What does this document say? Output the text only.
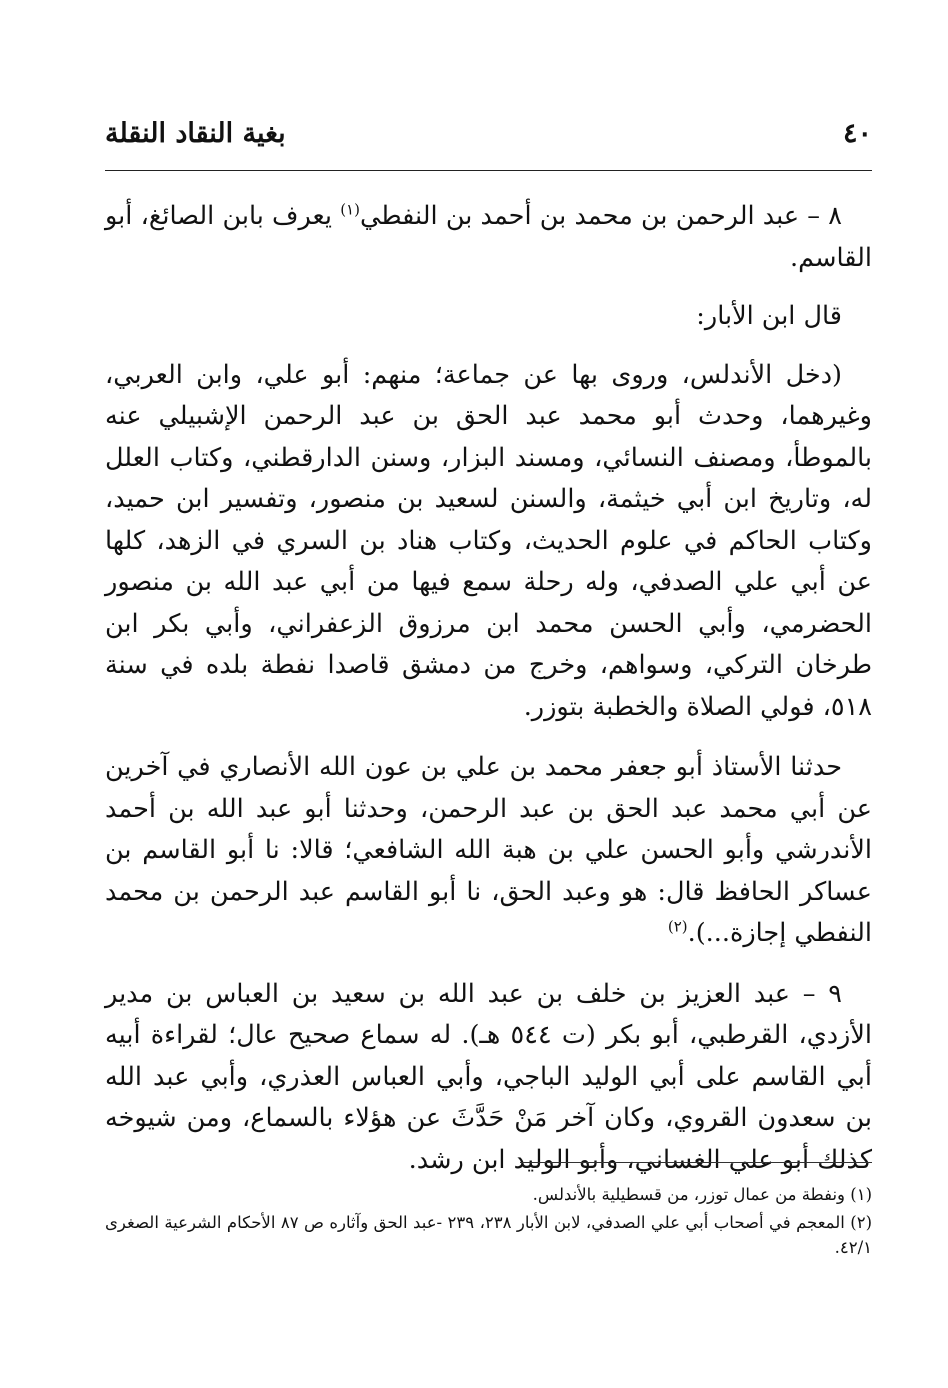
٤٠
بغية النقاد النقلة

٨ – عبد الرحمن بن محمد بن أحمد بن النفطي$^{(١)}$ يعرف بابن الصائغ، أبو القاسم.

قال ابن الأبار:

(دخل الأندلس، وروى بها عن جماعة؛ منهم: أبو علي، وابن العربي، وغيرهما، وحدث أبو محمد عبد الحق بن عبد الرحمن الإشبيلي عنه بالموطأ، ومصنف النسائي، ومسند البزار، وسنن الدارقطني، وكتاب العلل له، وتاريخ ابن أبي خيثمة، والسنن لسعيد بن منصور، وتفسير ابن حميد، وكتاب الحاكم في علوم الحديث، وكتاب هناد بن السري في الزهد، كلها عن أبي علي الصدفي، وله رحلة سمع فيها من أبي عبد الله بن منصور الحضرمي، وأبي الحسن محمد ابن مرزوق الزعفراني، وأبي بكر ابن طرخان التركي، وسواهم، وخرج من دمشق قاصدا نفطة بلده في سنة ٥١٨، فولي الصلاة والخطبة بتوزر.

حدثنا الأستاذ أبو جعفر محمد بن علي بن عون الله الأنصاري في آخرين عن أبي محمد عبد الحق بن عبد الرحمن، وحدثنا أبو عبد الله بن أحمد الأندرشي وأبو الحسن علي بن هبة الله الشافعي؛ قالا: نا أبو القاسم بن عساكر الحافظ قال: هو وعبد الحق، نا أبو القاسم عبد الرحمن بن محمد النفطي إجازة...).$^{(٢)}$

٩ – عبد العزيز بن خلف بن عبد الله بن سعيد بن العباس بن مدير الأزدي، القرطبي، أبو بكر (ت ٥٤٤ هـ). له سماع صحيح عال؛ لقراءة أبيه أبي القاسم على أبي الوليد الباجي، وأبي العباس العذري، وأبي عبد الله بن سعدون القروي، وكان آخر مَنْ حَدَّثَ عن هؤلاء بالسماع، ومن شيوخه كذلك أبو علي الغساني، وأبو الوليد ابن رشد.

(١) ونفطة من عمال توزر، من قسطيلية بالأندلس.

(٢) المعجم في أصحاب أبي علي الصدفي، لابن الأبار ٢٣٨، ٢٣٩ -عبد الحق وآثاره ص ٨٧ الأحكام الشرعية الصغرى ٤٢/١.
